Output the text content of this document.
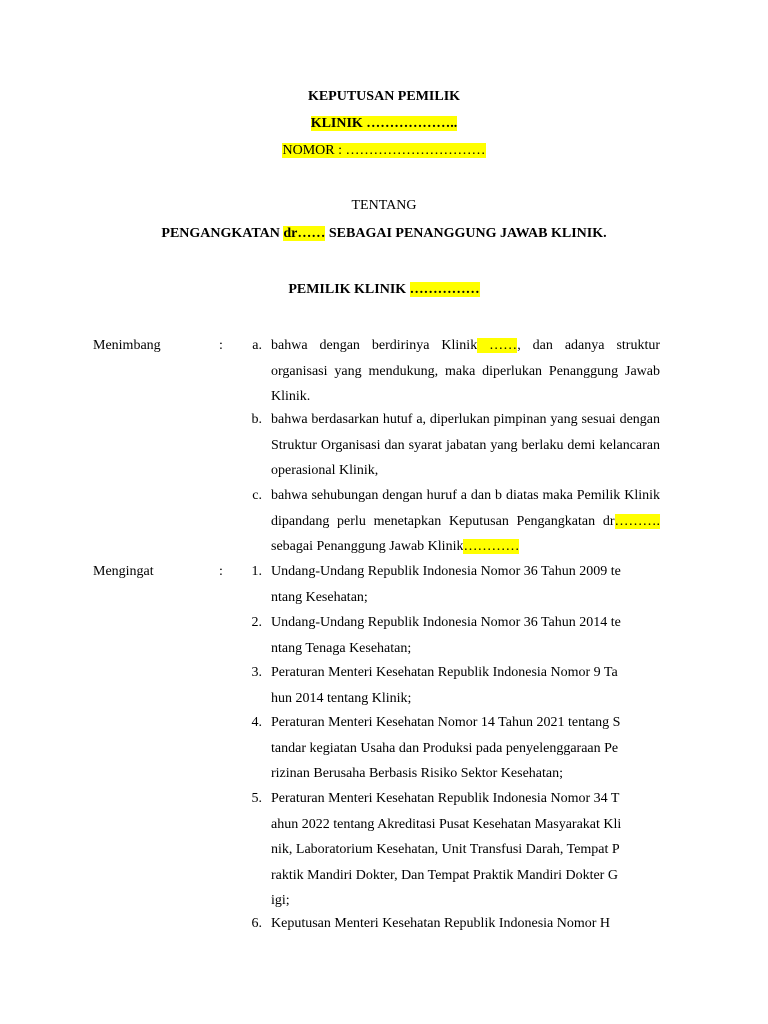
KEPUTUSAN PEMILIK
KLINIK ………………..
NOMOR : …………………………
TENTANG
PENGANGKATAN dr…… SEBAGAI PENANGGUNG JAWAB KLINIK.
PEMILIK KLINIK ……………
Menimbang	:	a. bahwa dengan berdirinya Klinik ……, dan adanya struktur organisasi yang mendukung, maka diperlukan Penanggung Jawab Klinik.
b. bahwa berdasarkan hutuf a, diperlukan pimpinan yang sesuai dengan Struktur Organisasi dan syarat jabatan yang berlaku demi kelancaran operasional Klinik,
c. bahwa sehubungan dengan huruf a dan b diatas maka Pemilik Klinik dipandang perlu menetapkan Keputusan Pengangkatan dr………. sebagai Penanggung Jawab Klinik…………
Mengingat	:	1. Undang-Undang Republik Indonesia Nomor 36 Tahun 2009 te
ntang Kesehatan;
2. Undang-Undang Republik Indonesia Nomor 36 Tahun 2014 te
ntang Tenaga Kesehatan;
3. Peraturan Menteri Kesehatan Republik Indonesia Nomor 9 Ta
hun 2014 tentang Klinik;
4. Peraturan Menteri Kesehatan Nomor 14 Tahun 2021 tentang S
tandar kegiatan Usaha dan Produksi pada penyelenggaraan Pe
rizinan Berusaha Berbasis Risiko Sektor Kesehatan;
5. Peraturan Menteri Kesehatan Republik Indonesia Nomor 34 T
ahun 2022 tentang Akreditasi Pusat Kesehatan Masyarakat Kli
nik, Laboratorium Kesehatan, Unit Transfusi Darah, Tempat P
raktik Mandiri Dokter, Dan Tempat Praktik Mandiri Dokter G
igi;
6. Keputusan Menteri Kesehatan Republik Indonesia Nomor H
